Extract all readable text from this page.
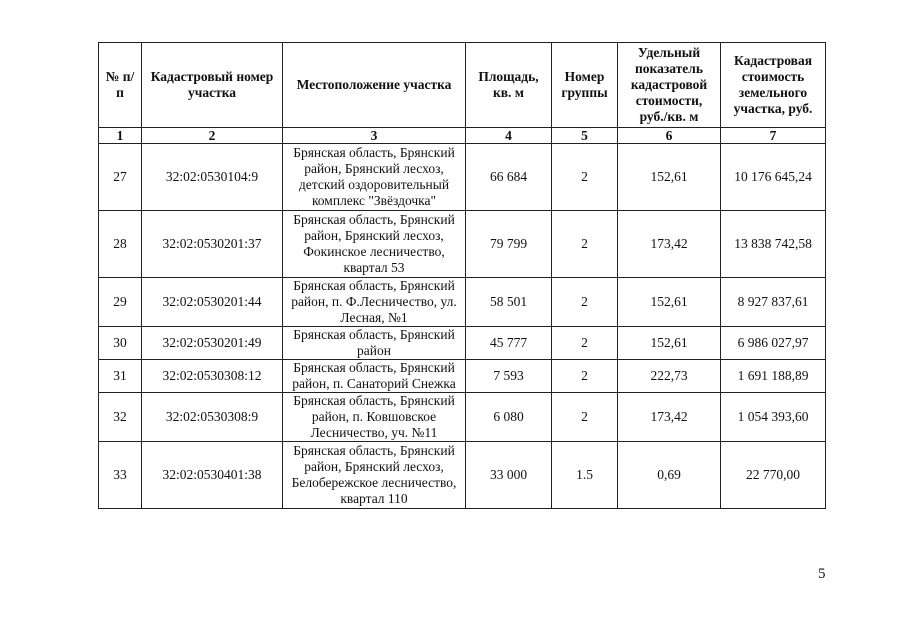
№ п/п	Кадастровый номер участка	Местоположение участка	Площадь, кв. м	Номер группы	Удельный показатель кадастровой стоимости, руб./кв. м	Кадастровая стоимость земельного участка, руб.
1	2	3	4	5	6	7
27	32:02:0530104:9	Брянская область, Брянский район, Брянский лесхоз, детский оздоровительный комплекс "Звёздочка"	66 684	2	152,61	10 176 645,24
28	32:02:0530201:37	Брянская область, Брянский район, Брянский лесхоз, Фокинское лесничество, квартал 53	79 799	2	173,42	13 838 742,58
29	32:02:0530201:44	Брянская область, Брянский район, п. Ф.Лесничество, ул. Лесная, №1	58 501	2	152,61	8 927 837,61
30	32:02:0530201:49	Брянская область, Брянский район	45 777	2	152,61	6 986 027,97
31	32:02:0530308:12	Брянская область, Брянский район, п. Санаторий Снежка	7 593	2	222,73	1 691 188,89
32	32:02:0530308:9	Брянская область, Брянский район, п. Ковшовское Лесничество, уч. №11	6 080	2	173,42	1 054 393,60
33	32:02:0530401:38	Брянская область, Брянский район, Брянский лесхоз, Белобережское лесничество, квартал 110	33 000	1.5	0,69	22 770,00
5
